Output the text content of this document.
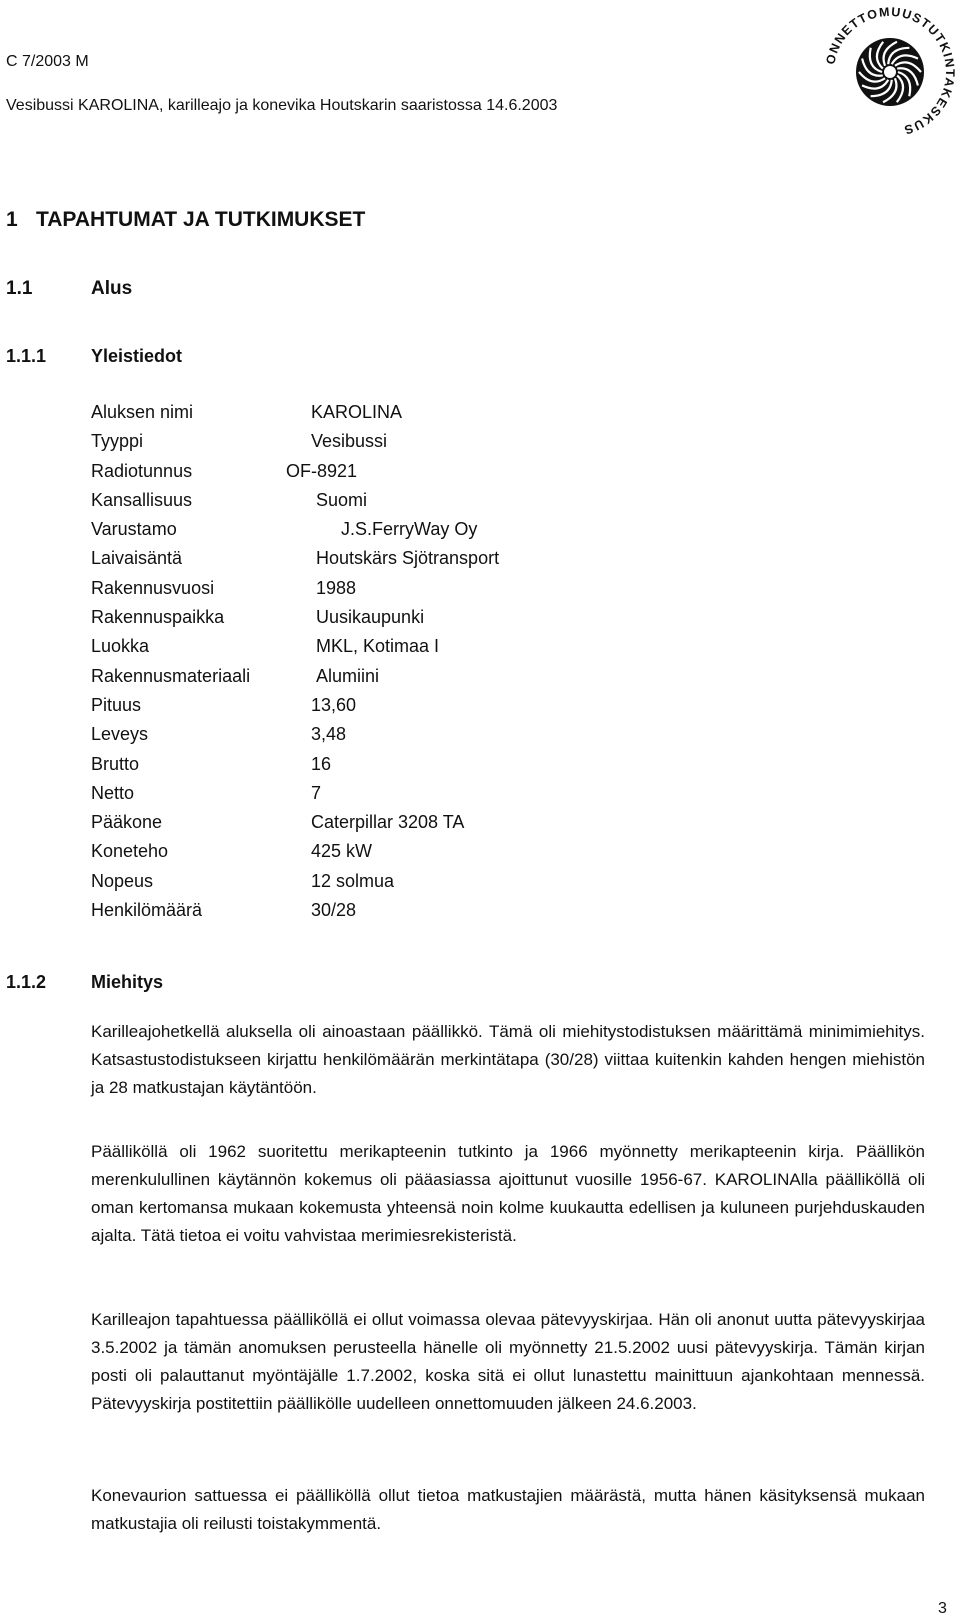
C 7/2003 M
Vesibussi KAROLINA, karilleajo ja konevika Houtskarin saaristossa 14.6.2003
ONNETTOMUUSTUTKINTAKESKUS
1 TAPAHTUMAT JA TUTKIMUKSET
1.1	Alus
1.1.1 Yleistiedot
Aluksen nimi	KAROLINA
Tyyppi	Vesibussi
Radiotunnus	OF-8921
Kansallisuus	Suomi
Varustamo	J.S.FerryWay Oy
Laivaisäntä	Houtskärs Sjötransport
Rakennusvuosi	1988
Rakennuspaikka	Uusikaupunki
Luokka	MKL, Kotimaa I
Rakennusmateriaali	Alumiini
Pituus	13,60
Leveys	3,48
Brutto	16
Netto	7
Pääkone	Caterpillar 3208 TA
Koneteho	425 kW
Nopeus	12 solmua
Henkilömäärä	30/28
1.1.2 Miehitys
Karilleajohetkellä aluksella oli ainoastaan päällikkö. Tämä oli miehitystodistuksen määrittämä minimimiehitys. Katsastustodistukseen kirjattu henkilömäärän merkintätapa (30/28) viittaa kuitenkin kahden hengen miehistön ja 28 matkustajan käytäntöön.
Päälliköllä oli 1962 suoritettu merikapteenin tutkinto ja 1966 myönnetty merikapteenin kirja. Päällikön merenkulullinen käytännön kokemus oli pääasiassa ajoittunut vuosille 1956-67. KAROLINAlla päälliköllä oli oman kertomansa mukaan kokemusta yhteensä noin kolme kuukautta edellisen ja kuluneen purjehduskauden ajalta. Tätä tietoa ei voitu vahvistaa merimiesrekisteristä.
Karilleajon tapahtuessa päälliköllä ei ollut voimassa olevaa pätevyyskirjaa. Hän oli anonut uutta pätevyyskirjaa 3.5.2002 ja tämän anomuksen perusteella hänelle oli myönnetty 21.5.2002 uusi pätevyyskirja. Tämän kirjan posti oli palauttanut myöntäjälle 1.7.2002, koska sitä ei ollut lunastettu mainittuun ajankohtaan mennessä. Pätevyyskirja postitettiin päällikölle uudelleen onnettomuuden jälkeen 24.6.2003.
Konevaurion sattuessa ei päälliköllä ollut tietoa matkustajien määrästä, mutta hänen käsityksensä mukaan matkustajia oli reilusti toistakymmentä.
3
